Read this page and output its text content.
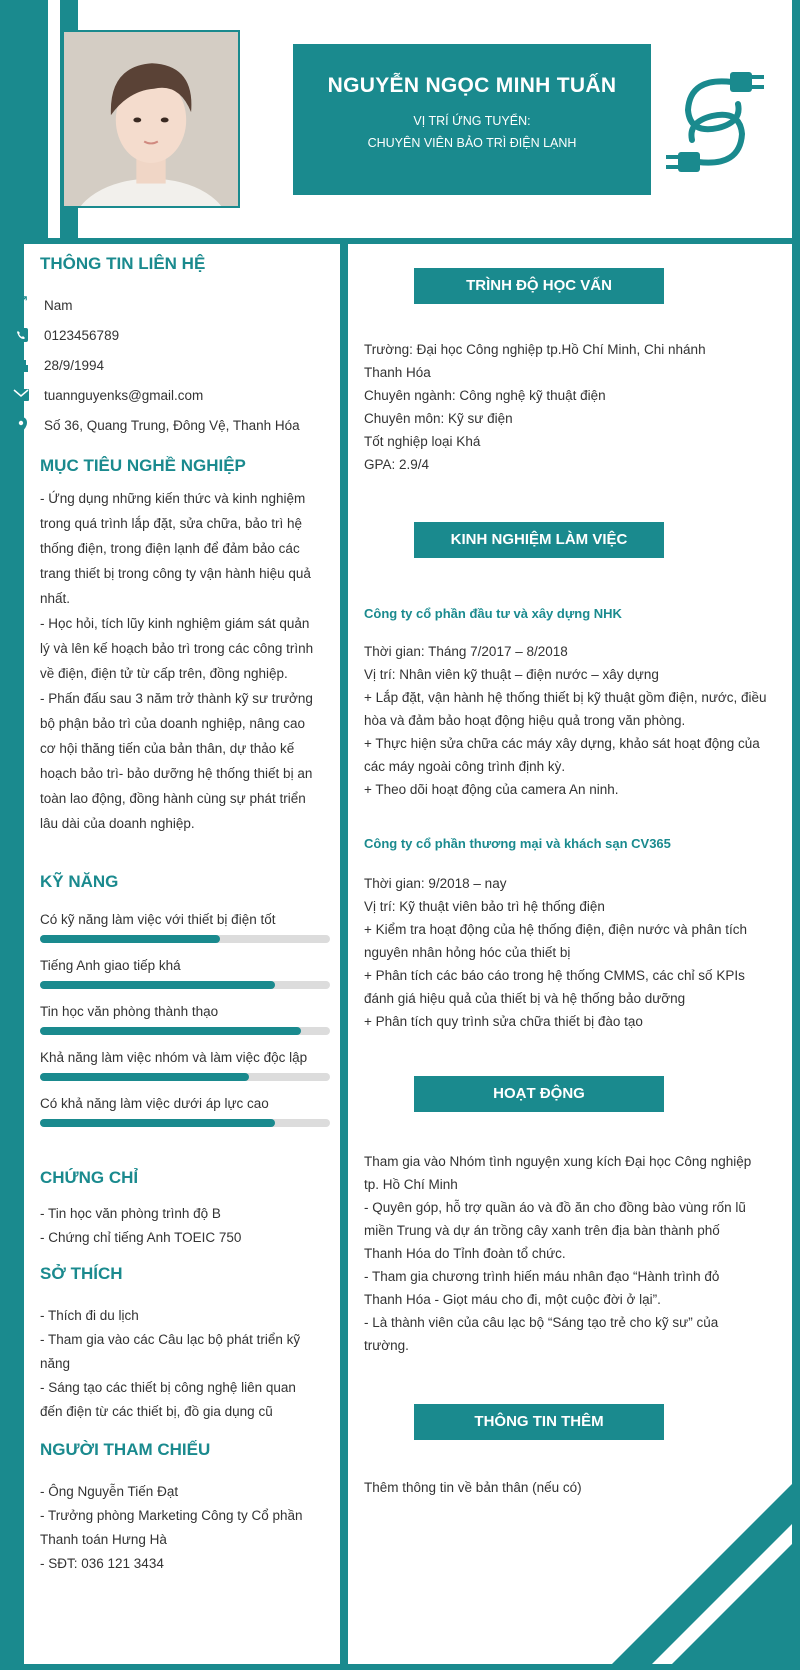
NGUYỄN NGỌC MINH TUẤN
VỊ TRÍ ỨNG TUYỂN:
CHUYÊN VIÊN BẢO TRÌ ĐIỆN LẠNH
THÔNG TIN LIÊN HỆ
⚥	Nam
0123456789
28/9/1994
tuannguyenks@gmail.com
Số 36, Quang Trung, Đông Vệ, Thanh Hóa
MỤC TIÊU NGHỀ NGHIỆP
- Ứng dụng những kiến thức và kinh nghiệm
trong quá trình lắp đặt, sửa chữa, bảo trì hệ
thống điện, trong điện lạnh để đảm bảo các
trang thiết bị trong công ty vận hành hiệu quả
nhất.
- Học hỏi, tích lũy kinh nghiệm giám sát quản
lý và lên kế hoạch bảo trì trong các công trình
về điện, điện tử từ cấp trên, đồng nghiệp.
- Phấn đấu sau 3 năm trở thành kỹ sư trưởng
bộ phận bảo trì của doanh nghiệp, nâng cao
cơ hội thăng tiến của bản thân, dự thảo kế
hoạch bảo trì- bảo dưỡng hệ thống thiết bị an
toàn lao động, đồng hành cùng sự phát triển
lâu dài của doanh nghiệp.
KỸ NĂNG
Có kỹ năng làm việc với thiết bị điện tốt
Tiếng Anh giao tiếp khá
Tin học văn phòng thành thạo
Khả năng làm việc nhóm và làm việc độc lập
Có khả năng làm việc dưới áp lực cao
CHỨNG CHỈ
- Tin học văn phòng trình độ B
- Chứng chỉ tiếng Anh TOEIC 750
SỞ THÍCH
- Thích đi du lịch
- Tham gia vào các Câu lạc bộ phát triển kỹ
năng
- Sáng tạo các thiết bị công nghệ liên quan
đến điện từ các thiết bị, đồ gia dụng cũ
NGƯỜI THAM CHIẾU
- Ông Nguyễn Tiến Đạt
- Trưởng phòng Marketing Công ty Cổ phần
Thanh toán Hưng Hà
- SĐT: 036 121 3434
TRÌNH ĐỘ HỌC VẤN
Trường: Đại học Công nghiệp tp.Hồ Chí Minh, Chi nhánh
Thanh Hóa
Chuyên ngành: Công nghệ kỹ thuật điện
Chuyên môn: Kỹ sư điện
Tốt nghiệp loại Khá
GPA: 2.9/4
KINH NGHIỆM LÀM VIỆC
Công ty cổ phần đầu tư và xây dựng NHK
Thời gian: Tháng 7/2017 – 8/2018
Vị trí: Nhân viên kỹ thuật – điện nước – xây dựng
+ Lắp đặt, vận hành hệ thống thiết bị kỹ thuật gồm điện, nước, điều
hòa và đảm bảo hoạt động hiệu quả trong văn phòng.
+ Thực hiện sửa chữa các máy xây dựng, khảo sát hoạt động của
các máy ngoài công trình định kỳ.
+ Theo dõi hoạt động của camera An ninh.
Công ty cổ phần thương mại và khách sạn CV365
Thời gian: 9/2018 – nay
Vị trí: Kỹ thuật viên bảo trì hệ thống điện
+ Kiểm tra hoạt động của hệ thống điện, điện nước và phân tích
nguyên nhân hỏng hóc của thiết bị
+ Phân tích các báo cáo trong hệ thống CMMS, các chỉ số KPIs
đánh giá hiệu quả của thiết bị và hệ thống bảo dưỡng
+ Phân tích quy trình sửa chữa thiết bị đào tạo
HOẠT ĐỘNG
Tham gia vào Nhóm tình nguyện xung kích Đại học Công nghiệp
tp. Hồ Chí Minh
- Quyên góp, hỗ trợ quần áo và đồ ăn cho đồng bào vùng rốn lũ
miền Trung và dự án trồng cây xanh trên địa bàn thành phố
Thanh Hóa do Tỉnh đoàn tổ chức.
- Tham gia chương trình hiến máu nhân đạo “Hành trình đỏ
Thanh Hóa - Giọt máu cho đi, một cuộc đời ở lại”.
- Là thành viên của câu lạc bộ “Sáng tạo trẻ cho kỹ sư” của
trường.
THÔNG TIN THÊM
Thêm thông tin về bản thân (nếu có)
